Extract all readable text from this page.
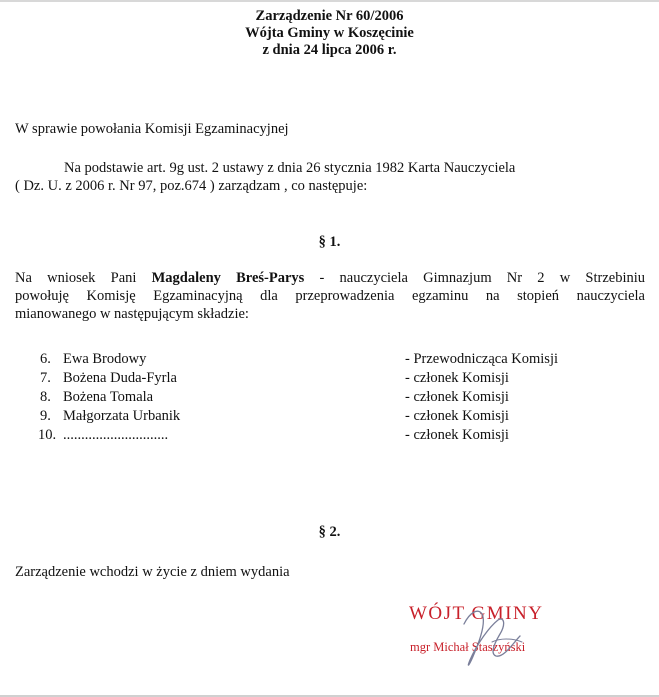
Zarządzenie Nr 60/2006
Wójta Gminy w Koszęcinie
z dnia 24 lipca 2006 r.
W sprawie powołania Komisji Egzaminacyjnej
Na podstawie art. 9g ust. 2 ustawy z dnia 26 stycznia 1982 Karta Nauczyciela
( Dz. U. z 2006 r. Nr 97, poz.674 ) zarządzam , co następuje:
§ 1.
Na wniosek Pani Magdaleny Breś-Parys - nauczyciela Gimnazjum Nr 2 w Strzebiniu
powołuję Komisję Egzaminacyjną dla przeprowadzenia egzaminu na stopień nauczyciela
mianowanego w następującym składzie:
6. Ewa Brodowy	- Przewodnicząca Komisji
7. Bożena Duda-Fyrla	- członek Komisji
8. Bożena Tomala	- członek Komisji
9. Małgorzata Urbanik	- członek Komisji
10. .............................	- członek Komisji
§ 2.
Zarządzenie wchodzi w życie z dniem wydania
WÓJT GMINY
mgr Michał Staszyński
